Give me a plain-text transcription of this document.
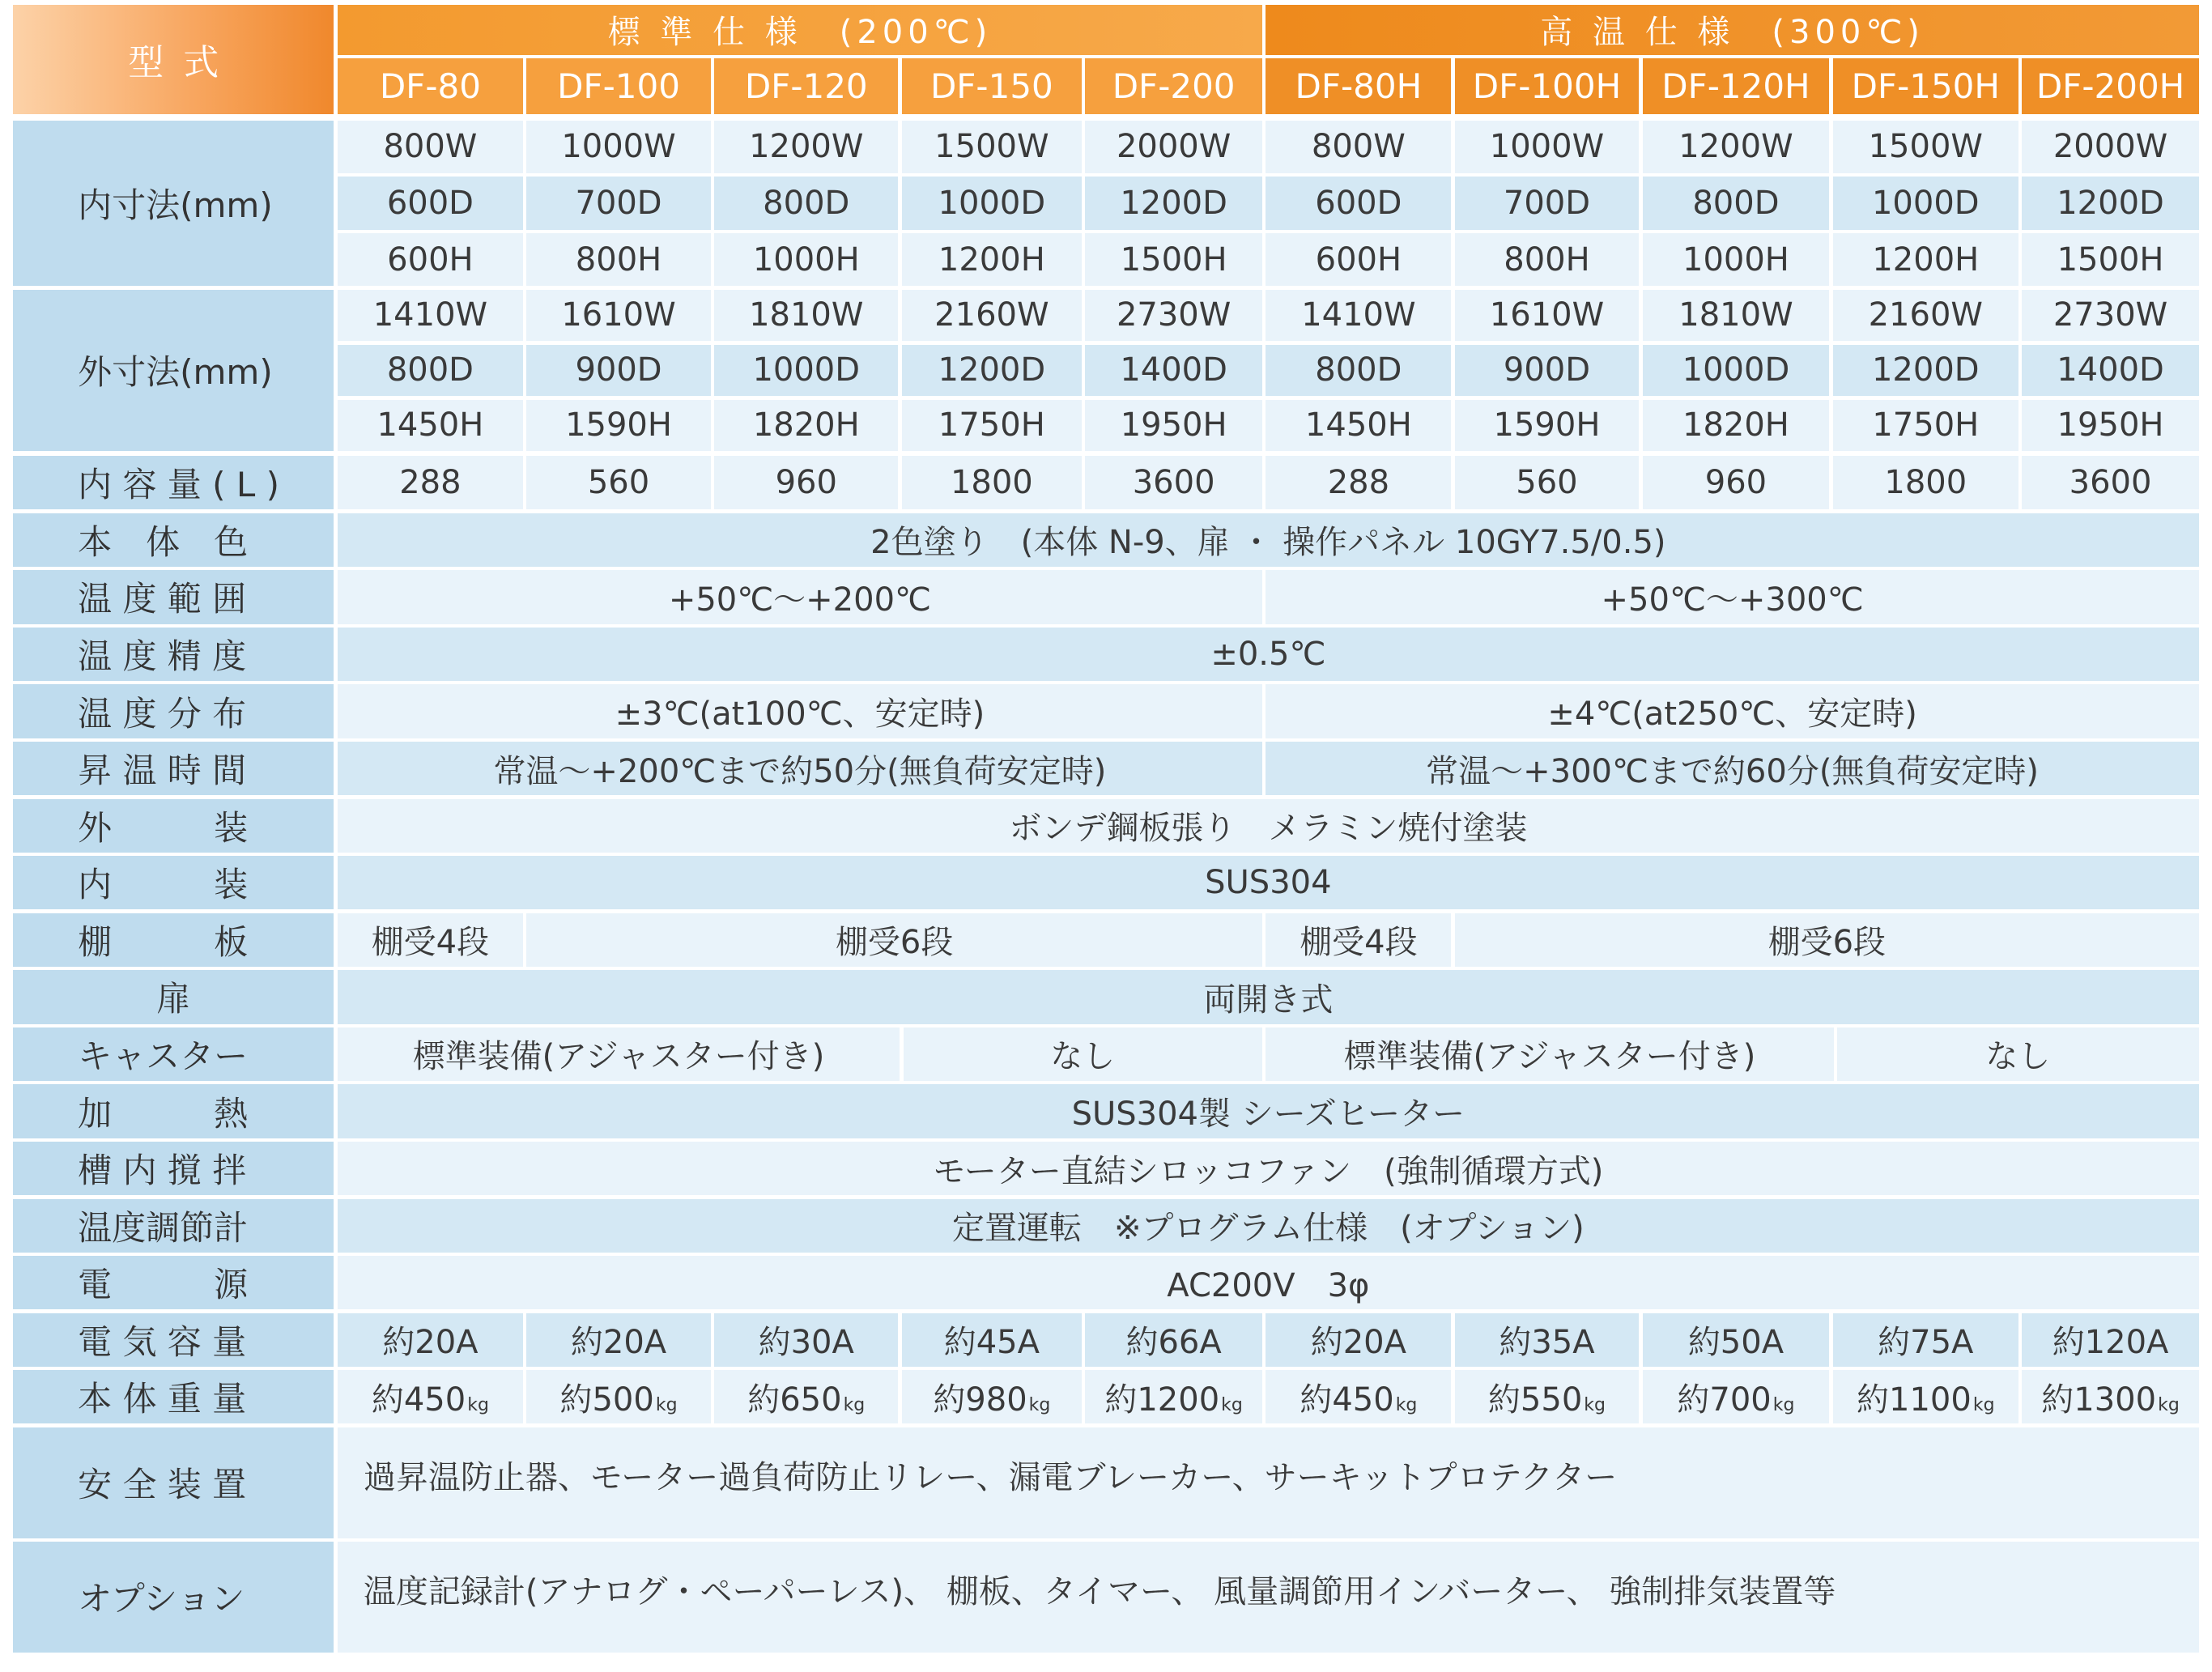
型式
標 準 仕 様　(200℃)	高 温 仕 様　(300℃)
DF-80	DF-100	DF-120	DF-150	DF-200	DF-80H	DF-100H	DF-120H	DF-150H	DF-200H
内寸法(mm)
800W	1000W	1200W	1500W	2000W	800W	1000W	1200W	1500W	2000W
600D	700D	800D	1000D	1200D	600D	700D	800D	1000D	1200D
600H	800H	1000H	1200H	1500H	600H	800H	1000H	1200H	1500H
外寸法(mm)
1410W	1610W	1810W	2160W	2730W	1410W	1610W	1810W	2160W	2730W
800D	900D	1000D	1200D	1400D	800D	900D	1000D	1200D	1400D
1450H	1590H	1820H	1750H	1950H	1450H	1590H	1820H	1750H	1950H
内 容 量 ( L )	288	560	960	1800	3600	288	560	960	1800	3600
本　体　色	2色塗り　(本体 N-9、扉 ・ 操作パネル 10GY7.5/0.5)
温 度 範 囲	+50℃～+200℃	+50℃～+300℃
温 度 精 度	±0.5℃
温 度 分 布	±3℃(at100℃、安定時)	±4℃(at250℃、安定時)
昇 温 時 間	常温～+200℃まで約50分(無負荷安定時)	常温～+300℃まで約60分(無負荷安定時)
外　　　装	ボンデ鋼板張り　メラミン焼付塗装
内　　　装	SUS304
棚　　　板	棚受4段	棚受6段	棚受4段	棚受6段
扉	両開き式
キャスター	標準装備(アジャスター付き)	なし	標準装備(アジャスター付き)	なし
加　　　熱	SUS304製 シーズヒーター
槽 内 撹 拌	モーター直結シロッコファン　(強制循環方式)
温度調節計	定置運転　※プログラム仕様　(オプション)
電　　　源	AC200V　3φ
電 気 容 量	約20A	約20A	約30A	約45A	約66A	約20A	約35A	約50A	約75A	約120A
本 体 重 量	約450 kg 約500 kg 約650 kg 約980 kg 約1200 kg 約450 kg 約550 kg 約700 kg 約1100 kg 約1300 kg
安 全 装 置	過昇温防止器、モーター過負荷防止リレー、漏電ブレーカー、サーキットプロテクター
オプション	温度記録計(アナログ・ペーパーレス)、 棚板、タイマー、 風量調節用インバーター、 強制排気装置等
